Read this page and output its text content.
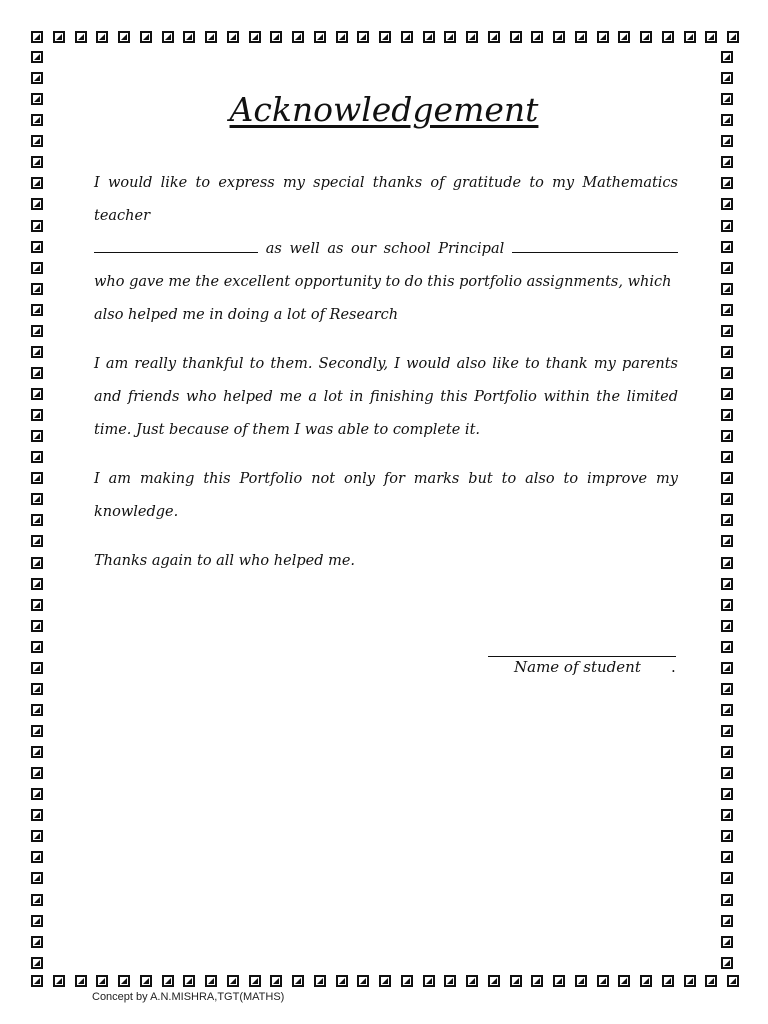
Acknowledgement
I would like to express my special thanks of gratitude to my Mathematics teacher
as well as our school Principal
who gave me the excellent opportunity to do this portfolio assignments, which
also helped me in doing a lot of Research

I am really thankful to them. Secondly, I would also like to thank my parents and friends who helped me a lot in finishing this Portfolio within the limited time. Just because of them I was able to complete it.

I am making this Portfolio not only for marks but to also to improve my knowledge.

Thanks again to all who helped me.

Name of student .
Concept by A.N.MISHRA,TGT(MATHS)
